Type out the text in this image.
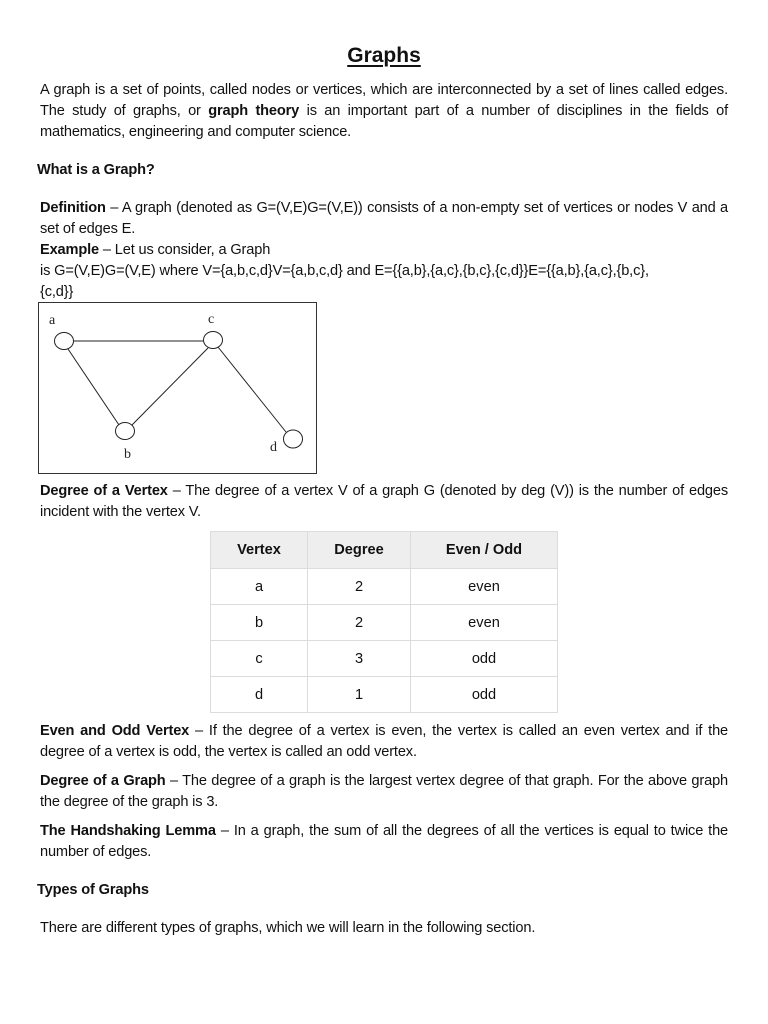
Graphs
A graph is a set of points, called nodes or vertices, which are interconnected by a set of lines called edges. The study of graphs, or graph theory is an important part of a number of disciplines in the fields of mathematics, engineering and computer science.
What is a Graph?
Definition – A graph (denoted as G=(V,E)G=(V,E)) consists of a non-empty set of vertices or nodes V and a set of edges E.
Example – Let us consider, a Graph
is G=(V,E)G=(V,E) where V={a,b,c,d}V={a,b,c,d} and E={{a,b},{a,c},{b,c},{c,d}}E={{a,b},{a,c},{b,c},
{c,d}}
a	c
b	d
Degree of a Vertex – The degree of a vertex V of a graph G (denoted by deg (V)) is the number of edges incident with the vertex V.
Vertex	Degree	Even / Odd
a	2	even
b	2	even
c	3	odd
d	1	odd
Even and Odd Vertex – If the degree of a vertex is even, the vertex is called an even vertex and if the degree of a vertex is odd, the vertex is called an odd vertex.
Degree of a Graph – The degree of a graph is the largest vertex degree of that graph. For the above graph the degree of the graph is 3.
The Handshaking Lemma – In a graph, the sum of all the degrees of all the vertices is equal to twice the number of edges.
Types of Graphs
There are different types of graphs, which we will learn in the following section.
